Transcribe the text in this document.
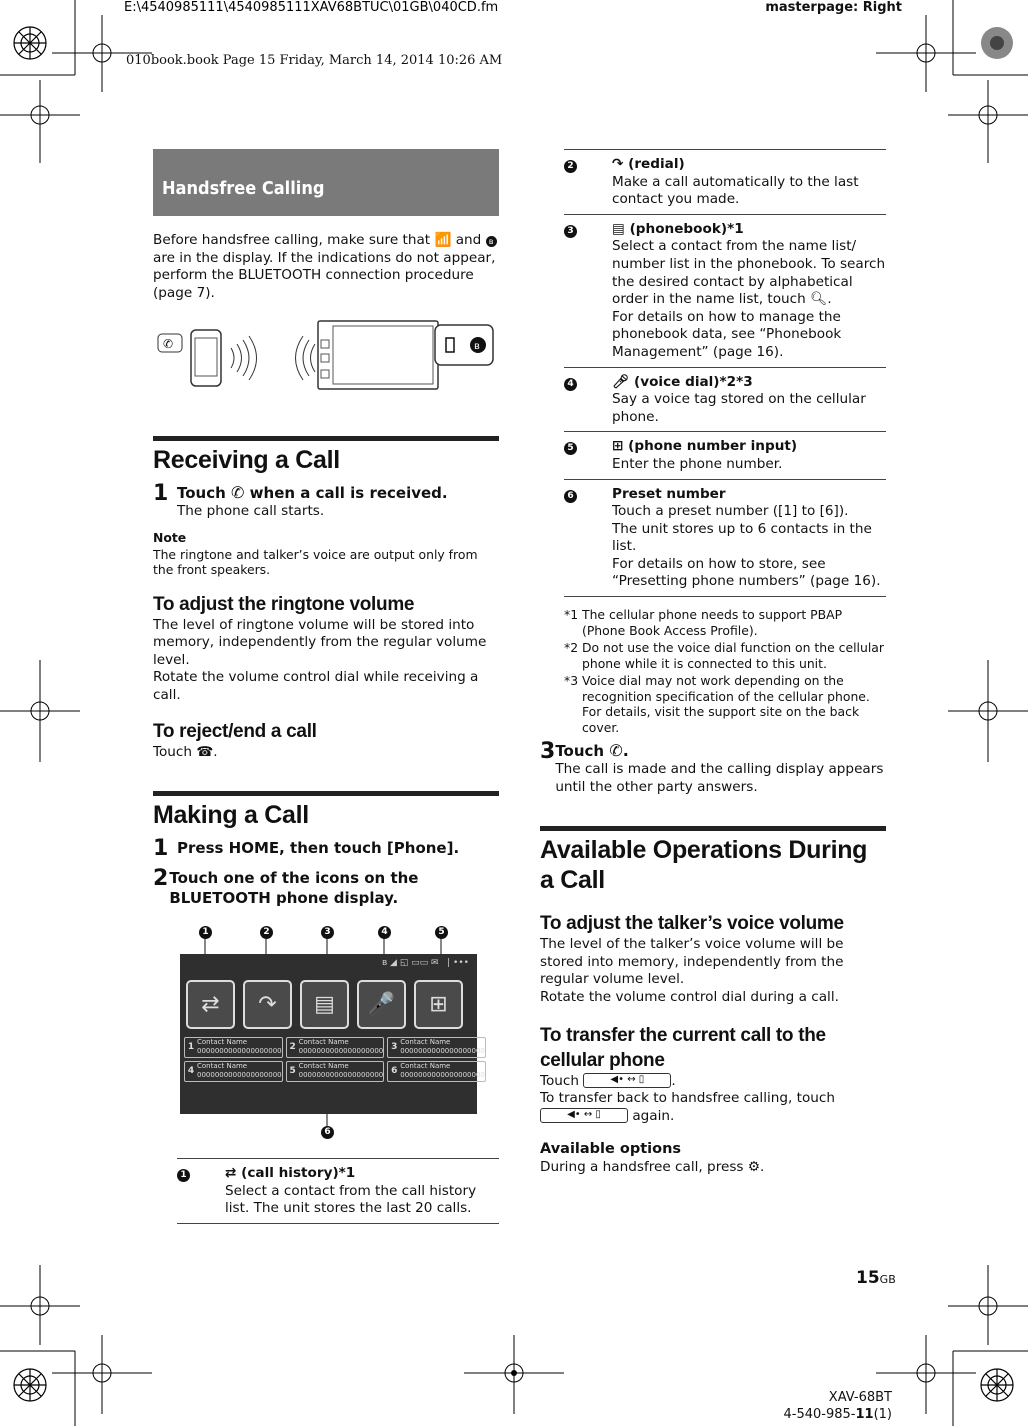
E:\4540985111\4540985111XAV68BTUC\01GB\040CD.fm	masterpage: Right
010book.book Page 15 Friday, March 14, 2014 10:26 AM
Handsfree Calling
Before handsfree calling, make sure that 📶 and ʙ are in the display. If the indications do not appear, perform the BLUETOOTH connection procedure (page 7).
✆	ʙ
Receiving a Call
1 Touch ✆ when a call is received.
The phone call starts.
Note
The ringtone and talker’s voice are output only from the front speakers.
To adjust the ringtone volume
The level of ringtone volume will be stored into memory, independently from the regular volume level.
Rotate the volume control dial while receiving a call.
To reject/end a call
Touch ☎.
Making a Call
1 Press HOME, then touch [Phone].
2 Touch one of the icons on the BLUETOOTH phone display.
1	2	3	4	5
6
ʙ ◢ ◱ ▭▭ ✉   | •••
⇄	↷	▤	🎤	⊞
1 Contact Name
0000000000000000000 2 Contact Name
0000000000000000000 3 Contact Name
0000000000000000000
4 Contact Name
0000000000000000000 5 Contact Name
0000000000000000000 6 Contact Name
0000000000000000000
1	⇄ (call history)*1
Select a contact from the call history list. The unit stores the last 20 calls.
2	↷ (redial)
Make a call automatically to the last contact you made.
3	▤ (phonebook)*1
Select a contact from the name list/ number list in the phonebook. To search the desired contact by alphabetical order in the name list, touch 🔍︎.
For details on how to manage the phonebook data, see “Phonebook Management” (page 16).
4	🎤︎ (voice dial)*2*3
Say a voice tag stored on the cellular phone.
5	⊞ (phone number input)
Enter the phone number.
6	Preset number
Touch a preset number ([1] to [6]).
The unit stores up to 6 contacts in the list.
For details on how to store, see “Presetting phone numbers” (page 16).
*1 The cellular phone needs to support PBAP (Phone Book Access Profile).
*2 Do not use the voice dial function on the cellular phone while it is connected to this unit.
*3 Voice dial may not work depending on the recognition specification of the cellular phone. For details, visit the support site on the back cover.
3 Touch ✆.
The call is made and the calling display appears until the other party answers.
Available Operations During a Call
To adjust the talker’s voice volume
The level of the talker’s voice volume will be stored into memory, independently from the regular volume level.
Rotate the volume control dial during a call.
To transfer the current call to the cellular phone
Touch	◀• ↔ ▯ .
To transfer back to handsfree calling, touch
◀• ↔ ▯ again.
Available options
During a handsfree call, press ⚙︎.
15GB
XAV-68BT
4-540-985-11(1)
